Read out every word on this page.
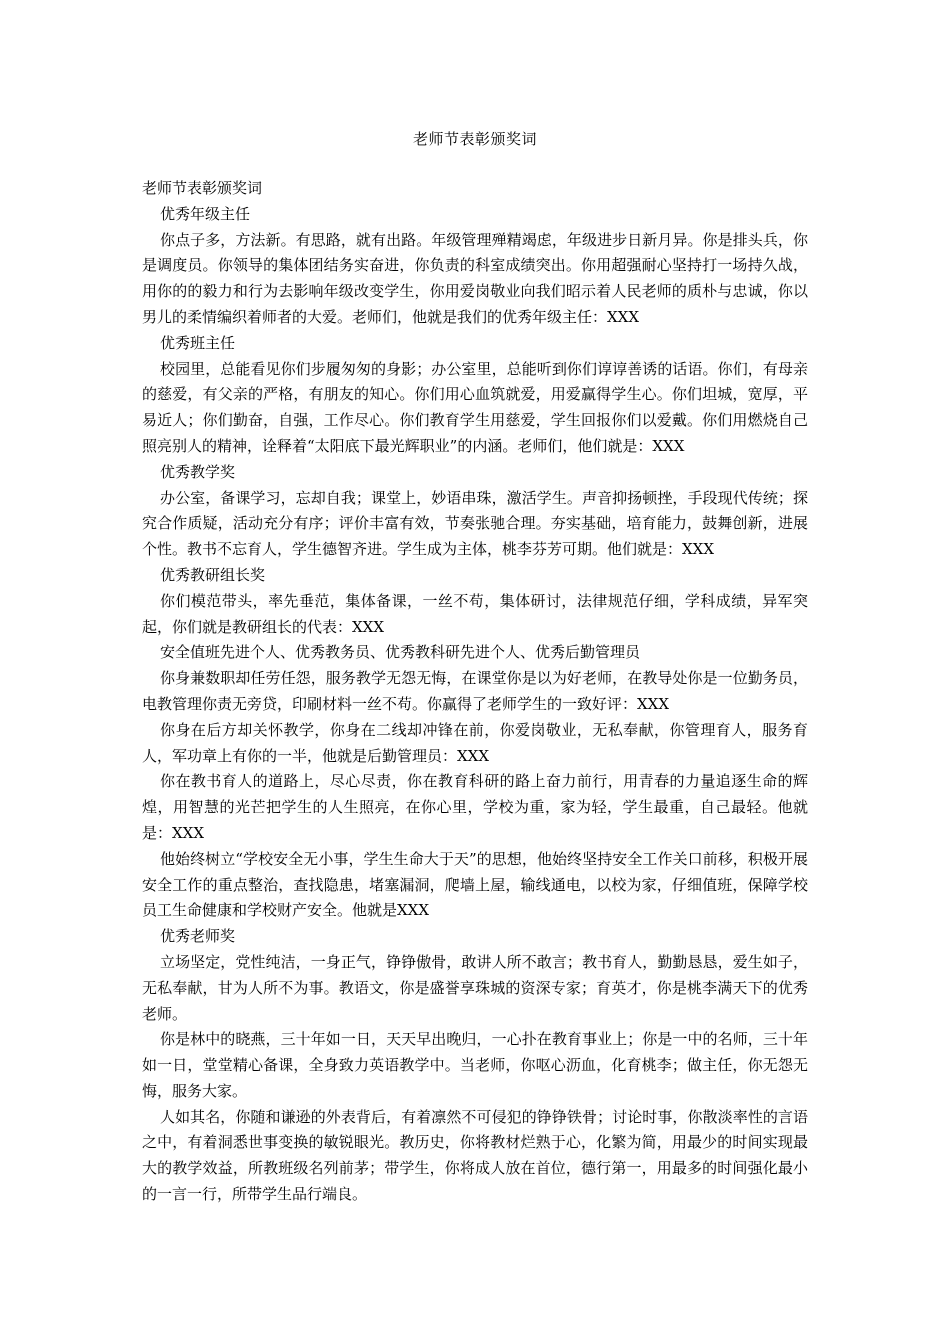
老师节表彰颁奖词

老师节表彰颁奖词

优秀年级主任

你点子多，方法新。有思路，就有出路。年级管理殚精竭虑，年级进步日新月异。你是排头兵，你是调度员。你领导的集体团结务实奋进，你负责的科室成绩突出。你用超强耐心坚持打一场持久战，用你的的毅力和行为去影响年级改变学生，你用爱岗敬业向我们昭示着人民老师的质朴与忠诚，你以男儿的柔情编织着师者的大爱。老师们，他就是我们的优秀年级主任：XXX

优秀班主任

校园里，总能看见你们步履匆匆的身影；办公室里，总能听到你们谆谆善诱的话语。你们，有母亲的慈爱，有父亲的严格，有朋友的知心。你们用心血筑就爱，用爱赢得学生心。你们坦城，宽厚，平易近人；你们勤奋，自强，工作尽心。你们教育学生用慈爱，学生回报你们以爱戴。你们用燃烧自己照亮别人的精神，诠释着“太阳底下最光辉职业”的内涵。老师们，他们就是：XXX

优秀教学奖

办公室，备课学习，忘却自我；课堂上，妙语串珠，激活学生。声音抑扬顿挫，手段现代传统；探究合作质疑，活动充分有序；评价丰富有效，节奏张驰合理。夯实基础，培育能力，鼓舞创新，进展个性。教书不忘育人，学生德智齐进。学生成为主体，桃李芬芳可期。他们就是：XXX

优秀教研组长奖

你们模范带头，率先垂范，集体备课，一丝不苟，集体研讨，法律规范仔细，学科成绩，异军突起，你们就是教研组长的代表：XXX

安全值班先进个人、优秀教务员、优秀教科研先进个人、优秀后勤管理员

你身兼数职却任劳任怨，服务教学无怨无悔，在课堂你是以为好老师，在教导处你是一位勤务员，电教管理你责无旁贷，印刷材料一丝不苟。你赢得了老师学生的一致好评：XXX

你身在后方却关怀教学，你身在二线却冲锋在前，你爱岗敬业，无私奉献，你管理育人，服务育人，军功章上有你的一半，他就是后勤管理员：XXX

你在教书育人的道路上，尽心尽责，你在教育科研的路上奋力前行，用青春的力量追逐生命的辉煌，用智慧的光芒把学生的人生照亮，在你心里，学校为重，家为轻，学生最重，自己最轻。他就是：XXX

他始终树立“学校安全无小事，学生生命大于天”的思想，他始终坚持安全工作关口前移，积极开展安全工作的重点整治，查找隐患，堵塞漏洞，爬墙上屋，输线通电，以校为家，仔细值班，保障学校员工生命健康和学校财产安全。他就是XXX

优秀老师奖

立场坚定，党性纯洁，一身正气，铮铮傲骨，敢讲人所不敢言；教书育人，勤勤恳恳，爱生如子，无私奉献，甘为人所不为事。教语文，你是盛誉享珠城的资深专家；育英才，你是桃李满天下的优秀老师。

你是林中的晓燕，三十年如一日，天天早出晚归，一心扑在教育事业上；你是一中的名师，三十年如一日，堂堂精心备课，全身致力英语教学中。当老师，你呕心沥血，化育桃李；做主任，你无怨无悔，服务大家。

人如其名，你随和谦逊的外表背后，有着凛然不可侵犯的铮铮铁骨；讨论时事，你散淡率性的言语之中，有着洞悉世事变换的敏锐眼光。教历史，你将教材烂熟于心，化繁为简，用最少的时间实现最大的教学效益，所教班级名列前茅；带学生，你将成人放在首位，德行第一，用最多的时间强化最小的一言一行，所带学生品行端良。
